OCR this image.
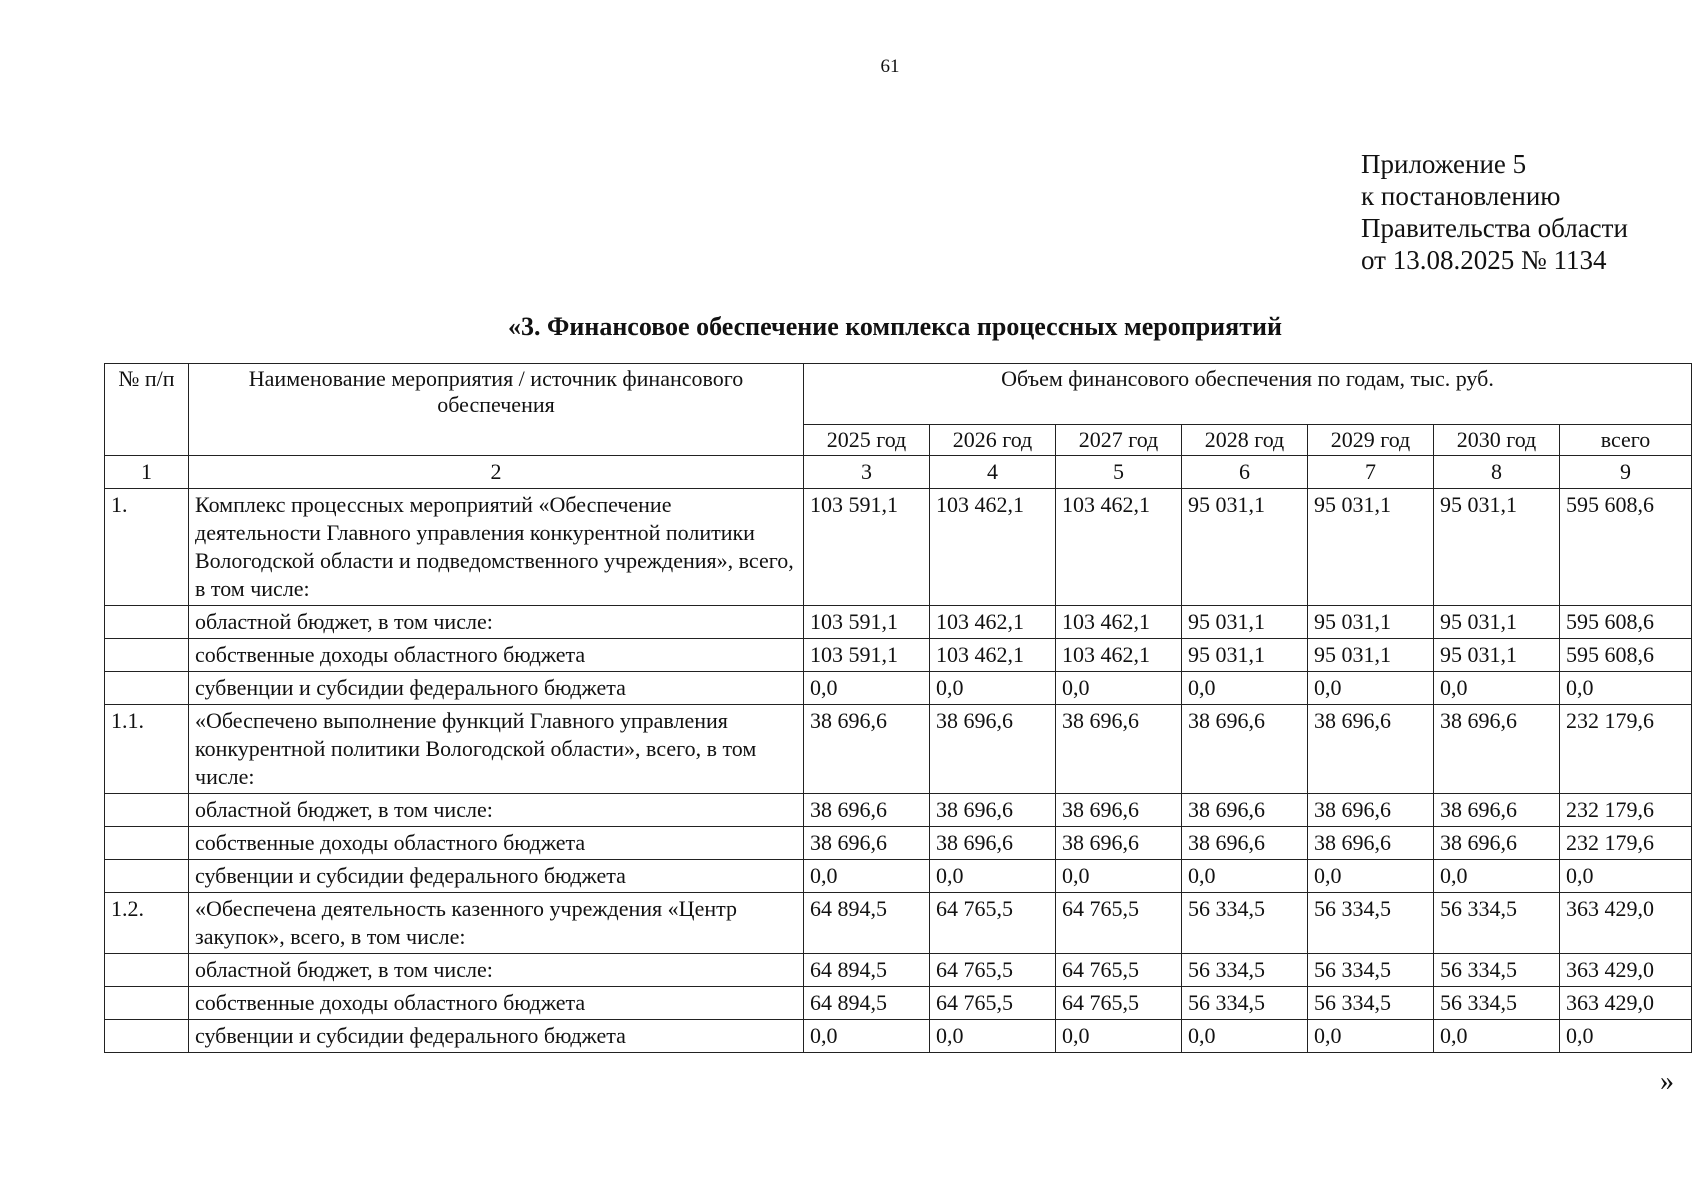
61
Приложение 5
к постановлению
Правительства области
от 13.08.2025 № 1134
«3. Финансовое обеспечение комплекса процессных мероприятий
№ п/п	Наименование мероприятия / источник финансового обеспечения	Объем финансового обеспечения по годам, тыс. руб.						
		2025 год	2026 год	2027 год	2028 год	2029 год	2030 год	всего
1	2	3	4	5	6	7	8	9
1.	Комплекс процессных мероприятий «Обеспечение деятельности Главного управления конкурентной политики Вологодской области и подведомственного учреждения», всего, в том числе:	103 591,1	103 462,1	103 462,1	95 031,1	95 031,1	95 031,1	595 608,6
	областной бюджет, в том числе:	103 591,1	103 462,1	103 462,1	95 031,1	95 031,1	95 031,1	595 608,6
	собственные доходы областного бюджета	103 591,1	103 462,1	103 462,1	95 031,1	95 031,1	95 031,1	595 608,6
	субвенции и субсидии федерального бюджета	0,0	0,0	0,0	0,0	0,0	0,0	0,0
1.1.	«Обеспечено выполнение функций Главного управления конкурентной политики Вологодской области», всего, в том числе:	38 696,6	38 696,6	38 696,6	38 696,6	38 696,6	38 696,6	232 179,6
	областной бюджет, в том числе:	38 696,6	38 696,6	38 696,6	38 696,6	38 696,6	38 696,6	232 179,6
	собственные доходы областного бюджета	38 696,6	38 696,6	38 696,6	38 696,6	38 696,6	38 696,6	232 179,6
	субвенции и субсидии федерального бюджета	0,0	0,0	0,0	0,0	0,0	0,0	0,0
1.2.	«Обеспечена деятельность казенного учреждения «Центр закупок», всего, в том числе:	64 894,5	64 765,5	64 765,5	56 334,5	56 334,5	56 334,5	363 429,0
	областной бюджет, в том числе:	64 894,5	64 765,5	64 765,5	56 334,5	56 334,5	56 334,5	363 429,0
	собственные доходы областного бюджета	64 894,5	64 765,5	64 765,5	56 334,5	56 334,5	56 334,5	363 429,0
	субвенции и субсидии федерального бюджета	0,0	0,0	0,0	0,0	0,0	0,0	0,0
»
